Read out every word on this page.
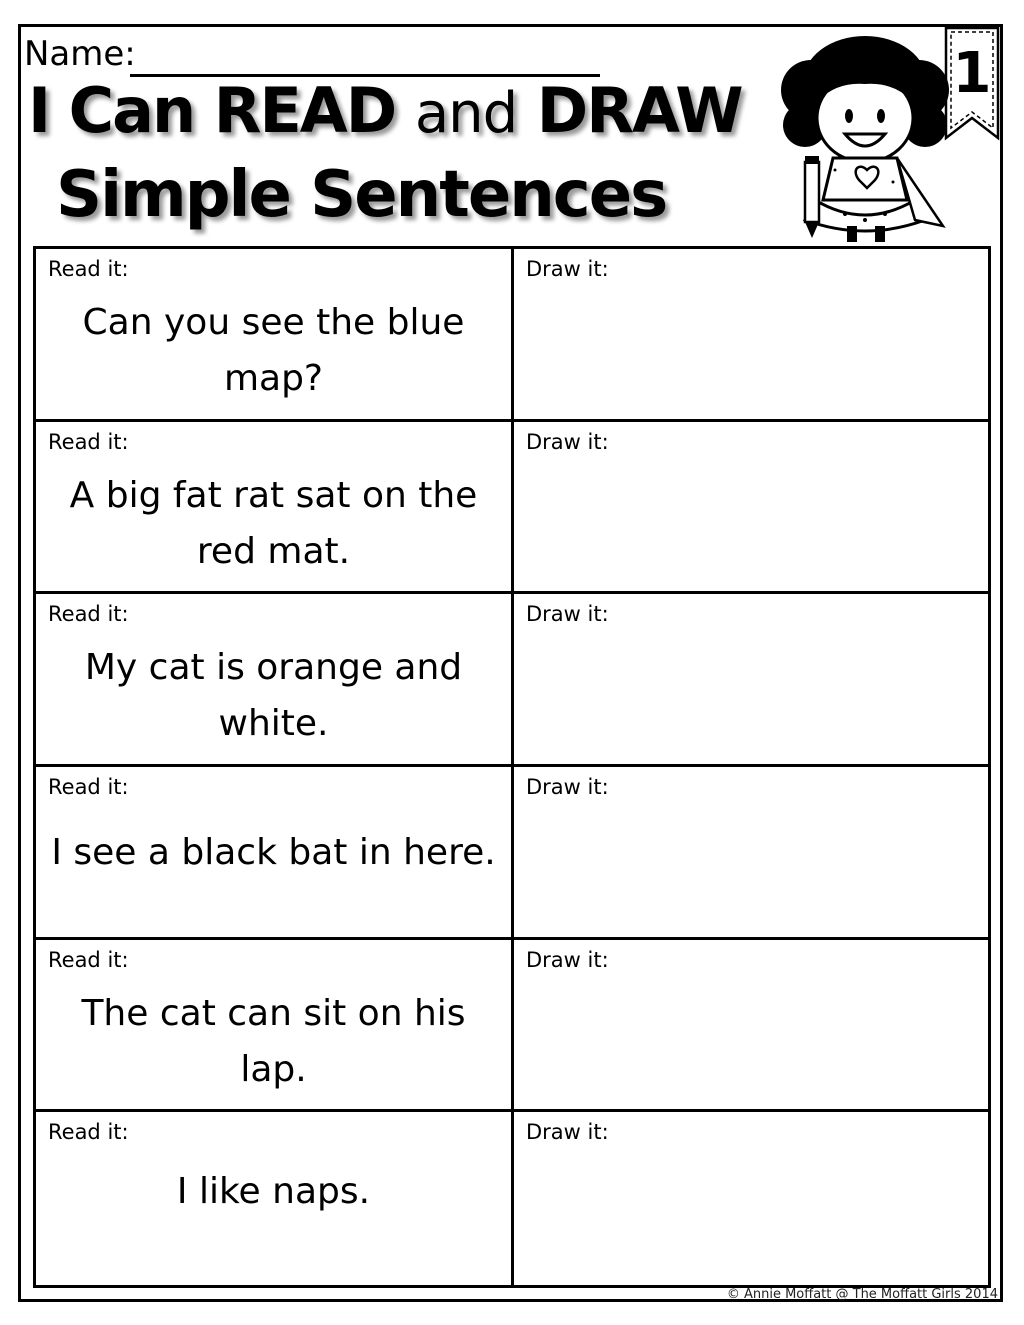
Name:
I Can READ and DRAW
Simple Sentences
1
Read it:
Can you see the blue map?
Draw it:
Read it:
A big fat rat sat on the red mat.
Draw it:
Read it:
My cat is orange and white.
Draw it:
Read it:
I see a black bat in here.
Draw it:
Read it:
The cat can sit on his lap.
Draw it:
Read it:
I like naps.
Draw it:
© Annie Moffatt @ The Moffatt Girls 2014
